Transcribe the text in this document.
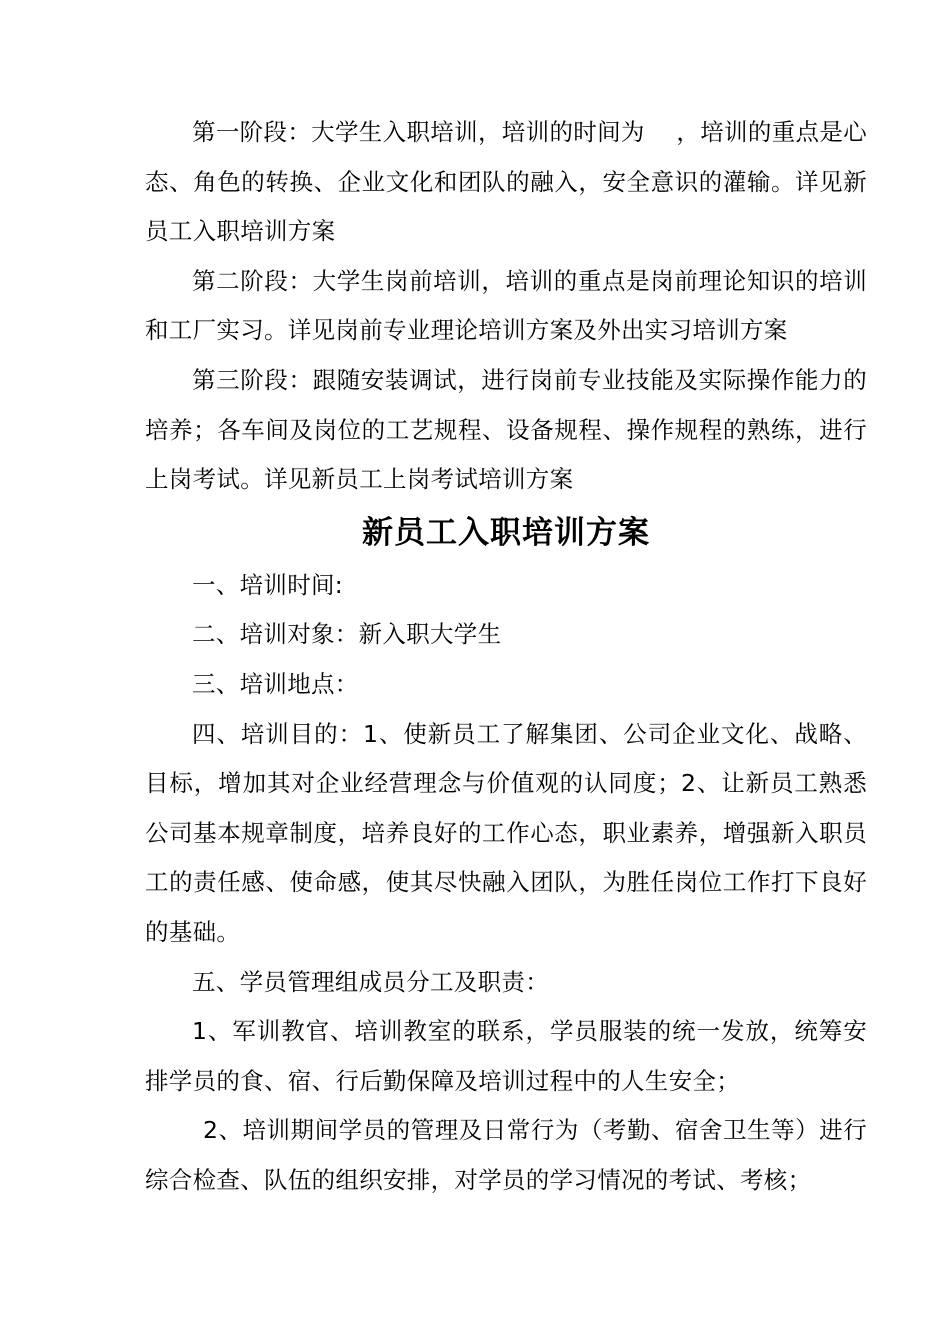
第一阶段：大学生入职培训，培训的时间为　 ，培训的重点是心态、角色的转换、企业文化和团队的融入，安全意识的灌输。详见新员工入职培训方案

第二阶段：大学生岗前培训，培训的重点是岗前理论知识的培训和工厂实习。详见岗前专业理论培训方案及外出实习培训方案

第三阶段：跟随安装调试，进行岗前专业技能及实际操作能力的培养；各车间及岗位的工艺规程、设备规程、操作规程的熟练，进行上岗考试。详见新员工上岗考试培训方案

新员工入职培训方案

一、培训时间:

二、培训对象：新入职大学生

三、培训地点：

四、培训目的：1、使新员工了解集团、公司企业文化、战略、目标，增加其对企业经营理念与价值观的认同度；2、让新员工熟悉公司基本规章制度，培养良好的工作心态，职业素养，增强新入职员工的责任感、使命感，使其尽快融入团队，为胜任岗位工作打下良好的基础。

五、学员管理组成员分工及职责：

1、军训教官、培训教室的联系，学员服装的统一发放，统筹安排学员的食、宿、行后勤保障及培训过程中的人生安全；

2、培训期间学员的管理及日常行为（考勤、宿舍卫生等）进行综合检查、队伍的组织安排，对学员的学习情况的考试、考核；
